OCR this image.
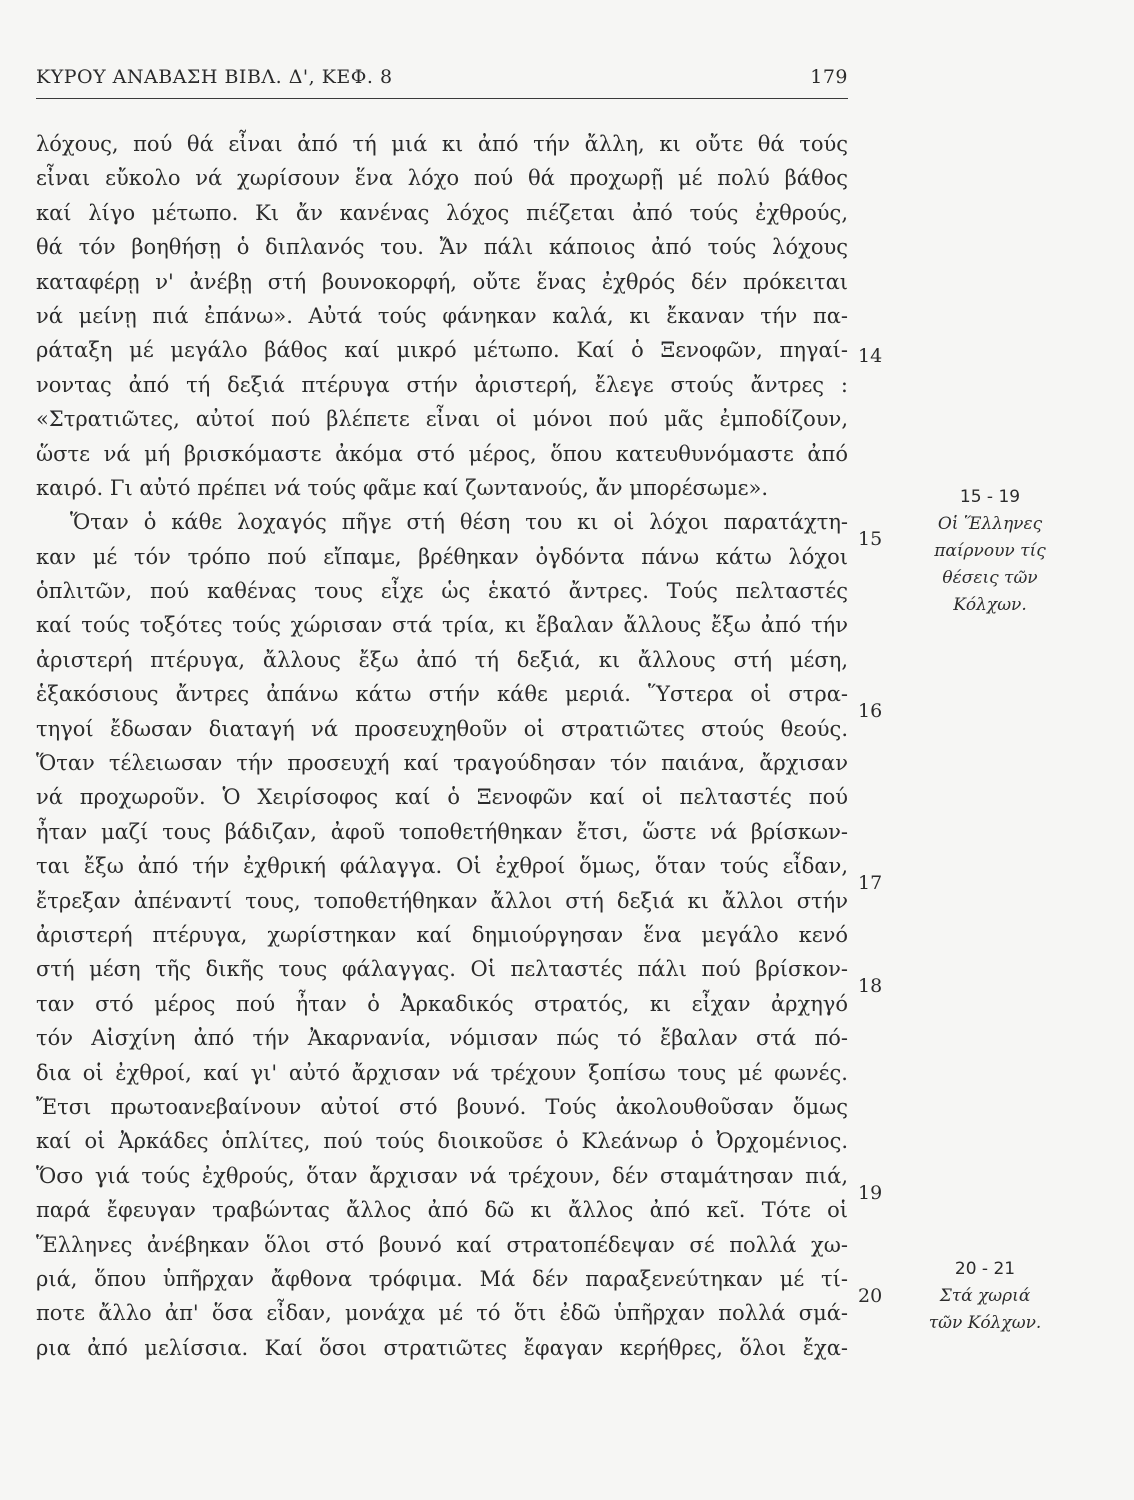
ΚΥΡΟΥ ΑΝΑΒΑΣΗ ΒΙΒΛ. Δ', ΚΕΦ. 8	179
λόχους, πού θά εἶναι ἀπό τή μιά κι ἀπό τήν ἄλλη, κι οὔτε θά τούς
εἶναι εὔκολο νά χωρίσουν ἕνα λόχο πού θά προχωρῇ μέ πολύ βάθος
καί λίγο μέτωπο. Κι ἄν κανένας λόχος πιέζεται ἀπό τούς ἐχθρούς,
θά τόν βοηθήσῃ ὁ διπλανός του. Ἄν πάλι κάποιος ἀπό τούς λόχους
καταφέρῃ ν' ἀνέβῃ στή βουνοκορφή, οὔτε ἕνας ἐχθρός δέν πρόκειται
νά μείνῃ πιά ἐπάνω». Αὐτά τούς φάνηκαν καλά, κι ἔκαναν τήν πα-
ράταξη μέ μεγάλο βάθος καί μικρό μέτωπο. Καί ὁ Ξενοφῶν, πηγαί-
νοντας ἀπό τή δεξιά πτέρυγα στήν ἀριστερή, ἔλεγε στούς ἄντρες :
«Στρατιῶτες, αὐτοί πού βλέπετε εἶναι οἱ μόνοι πού μᾶς ἐμποδίζουν,
ὥστε νά μή βρισκόμαστε ἀκόμα στό μέρος, ὅπου κατευθυνόμαστε ἀπό
καιρό. Γι αὐτό πρέπει νά τούς φᾶμε καί ζωντανούς, ἄν μπορέσωμε».
Ὅταν ὁ κάθε λοχαγός πῆγε στή θέση του κι οἱ λόχοι παρατάχτη-
καν μέ τόν τρόπο πού εἴπαμε, βρέθηκαν ὀγδόντα πάνω κάτω λόχοι
ὁπλιτῶν, πού καθένας τους εἶχε ὡς ἑκατό ἄντρες. Τούς πελταστές
καί τούς τοξότες τούς χώρισαν στά τρία, κι ἔβαλαν ἄλλους ἔξω ἀπό τήν
ἀριστερή πτέρυγα, ἄλλους ἔξω ἀπό τή δεξιά, κι ἄλλους στή μέση,
ἑξακόσιους ἄντρες ἀπάνω κάτω στήν κάθε μεριά. Ὕστερα οἱ στρα-
τηγοί ἔδωσαν διαταγή νά προσευχηθοῦν οἱ στρατιῶτες στούς θεούς.
Ὅταν τέλειωσαν τήν προσευχή καί τραγούδησαν τόν παιάνα, ἄρχισαν
νά προχωροῦν. Ὁ Χειρίσοφος καί ὁ Ξενοφῶν καί οἱ πελταστές πού
ἦταν μαζί τους βάδιζαν, ἀφοῦ τοποθετήθηκαν ἔτσι, ὥστε νά βρίσκων-
ται ἔξω ἀπό τήν ἐχθρική φάλαγγα. Οἱ ἐχθροί ὅμως, ὅταν τούς εἶδαν,
ἔτρεξαν ἀπέναντί τους, τοποθετήθηκαν ἄλλοι στή δεξιά κι ἄλλοι στήν
ἀριστερή πτέρυγα, χωρίστηκαν καί δημιούργησαν ἕνα μεγάλο κενό
στή μέση τῆς δικῆς τους φάλαγγας. Οἱ πελταστές πάλι πού βρίσκον-
ταν στό μέρος πού ἦταν ὁ Ἀρκαδικός στρατός, κι εἶχαν ἀρχηγό
τόν Αἰσχίνη ἀπό τήν Ἀκαρνανία, νόμισαν πώς τό ἔβαλαν στά πό-
δια οἱ ἐχθροί, καί γι' αὐτό ἄρχισαν νά τρέχουν ξοπίσω τους μέ φωνές.
Ἔτσι πρωτοανεβαίνουν αὐτοί στό βουνό. Τούς ἀκολουθοῦσαν ὅμως
καί οἱ Ἀρκάδες ὁπλίτες, πού τούς διοικοῦσε ὁ Κλεάνωρ ὁ Ὀρχομένιος.
Ὅσο γιά τούς ἐχθρούς, ὅταν ἄρχισαν νά τρέχουν, δέν σταμάτησαν πιά,
παρά ἔφευγαν τραβώντας ἄλλος ἀπό δῶ κι ἄλλος ἀπό κεῖ. Τότε οἱ
Ἕλληνες ἀνέβηκαν ὅλοι στό βουνό καί στρατοπέδεψαν σέ πολλά χω-
ριά, ὅπου ὑπῆρχαν ἄφθονα τρόφιμα. Μά δέν παραξενεύτηκαν μέ τί-
ποτε ἄλλο ἀπ' ὅσα εἶδαν, μονάχα μέ τό ὅτι ἐδῶ ὑπῆρχαν πολλά σμά-
ρια ἀπό μελίσσια. Καί ὅσοι στρατιῶτες ἔφαγαν κερήθρες, ὅλοι ἔχα-
14
15
16
17
18
19
20
15 - 19
Οἱ Ἕλληνες
παίρνουν τίς
θέσεις τῶν
Κόλχων.
20 - 21
Στά χωριά
τῶν Κόλχων.
